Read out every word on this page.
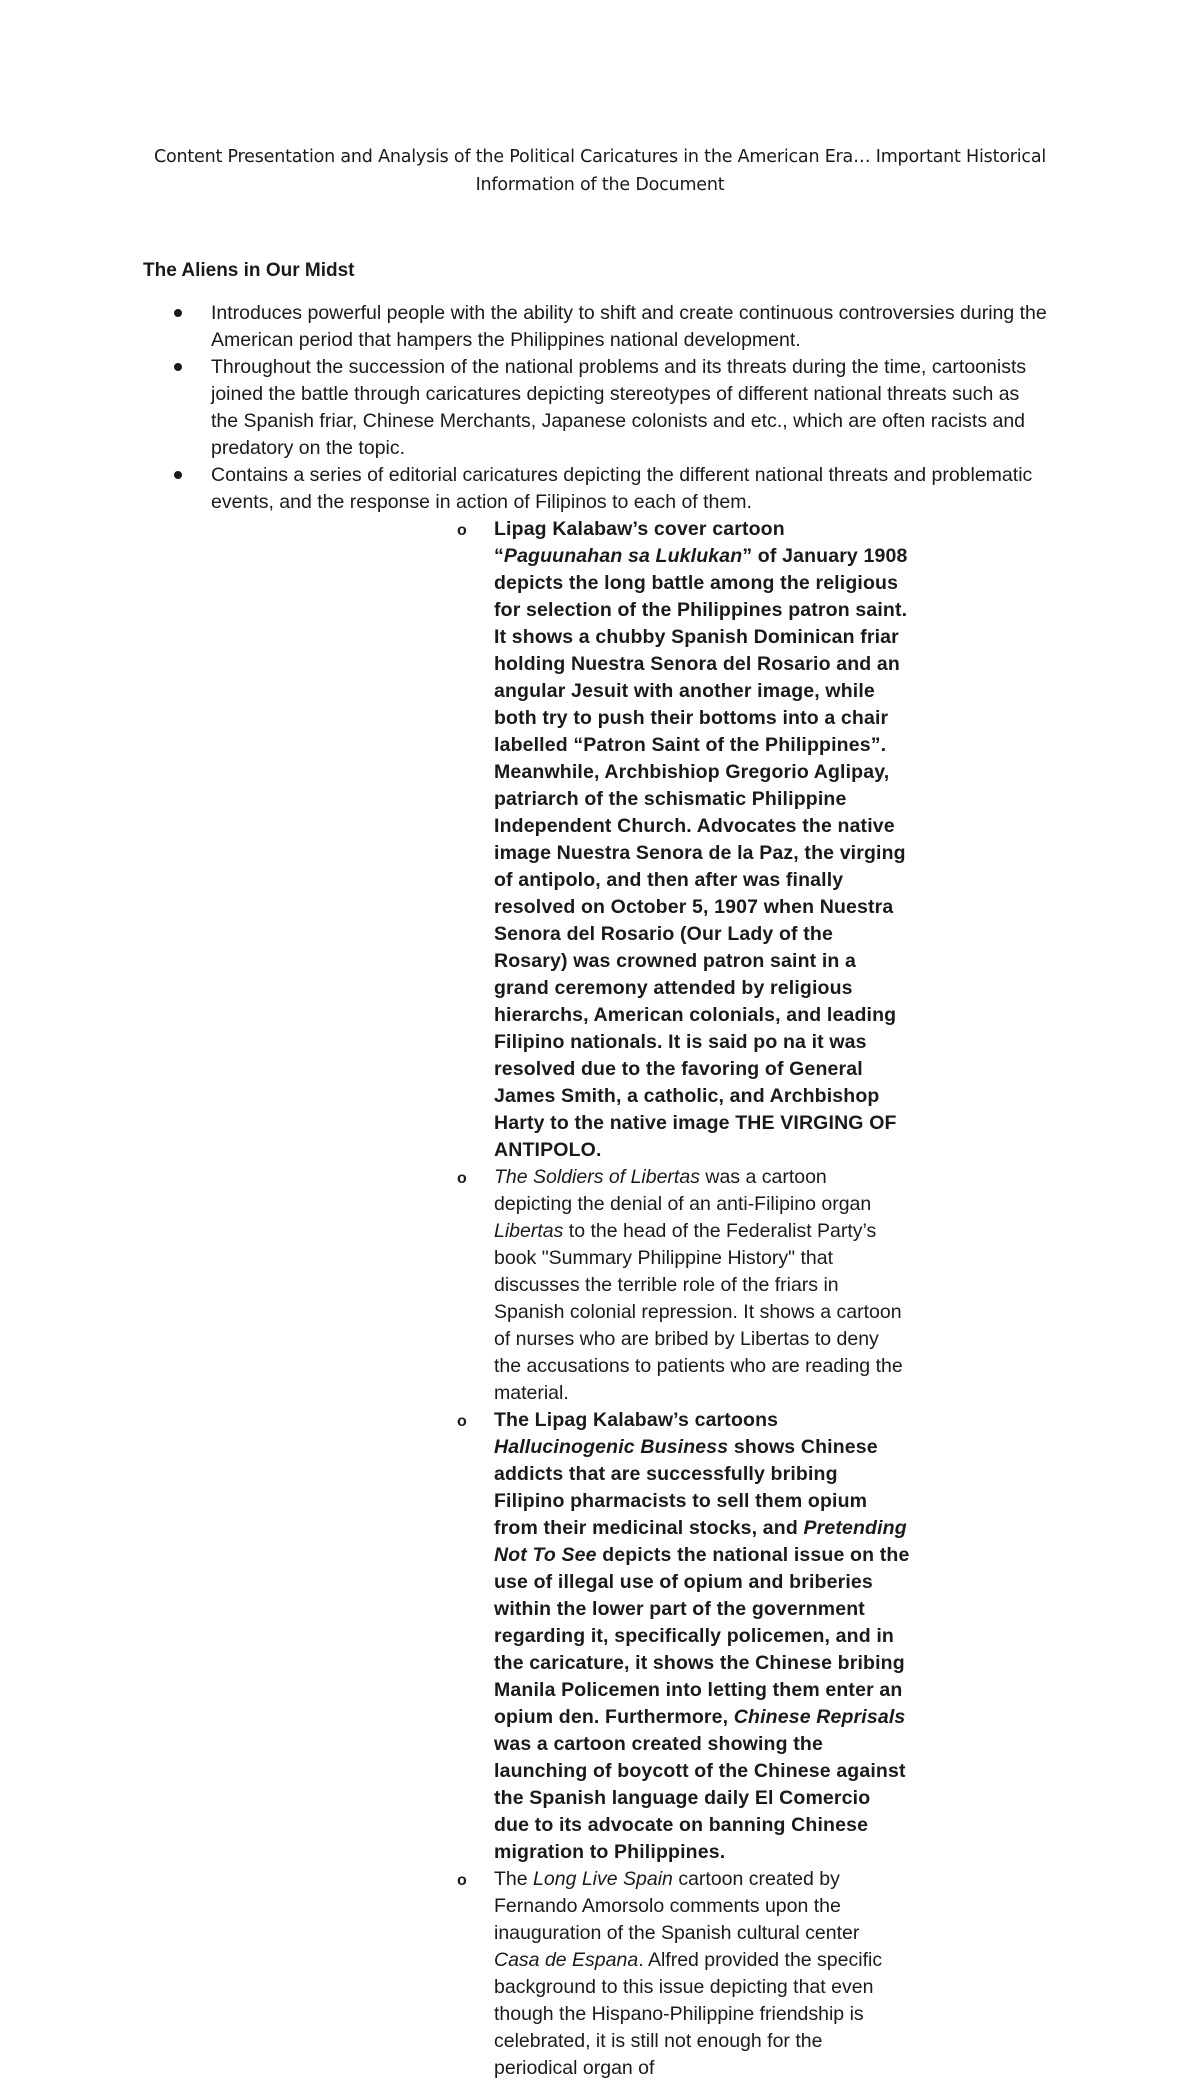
Content Presentation and Analysis of the Political Caricatures in the American Era… Important Historical Information of the Document
The Aliens in Our Midst
Introduces powerful people with the ability to shift and create continuous controversies during the American period that hampers the Philippines national development.
Throughout the succession of the national problems and its threats during the time, cartoonists joined the battle through caricatures depicting stereotypes of different national threats such as the Spanish friar, Chinese Merchants, Japanese colonists and etc., which are often racists and predatory on the topic.
Contains a series of editorial caricatures depicting the different national threats and problematic events, and the response in action of Filipinos to each of them.
o Lipag Kalabaw’s cover cartoon “Paguunahan sa Luklukan” of January 1908 depicts the long battle among the religious for selection of the Philippines patron saint. It shows a chubby Spanish Dominican friar holding Nuestra Senora del Rosario and an angular Jesuit with another image, while both try to push their bottoms into a chair labelled “Patron Saint of the Philippines”. Meanwhile, Archbishiop Gregorio Aglipay, patriarch of the schismatic Philippine Independent Church. Advocates the native image Nuestra Senora de la Paz, the virging of antipolo, and then after was finally resolved on October 5, 1907 when Nuestra Senora del Rosario (Our Lady of the Rosary) was crowned patron saint in a grand ceremony attended by religious hierarchs, American colonials, and leading Filipino nationals. It is said po na it was resolved due to the favoring of General James Smith, a catholic, and Archbishop Harty to the native image THE VIRGING OF ANTIPOLO.
o The Soldiers of Libertas was a cartoon depicting the denial of an anti-Filipino organ Libertas to the head of the Federalist Party’s book "Summary Philippine History" that discusses the terrible role of the friars in Spanish colonial repression. It shows a cartoon of nurses who are bribed by Libertas to deny the accusations to patients who are reading the material.
o The Lipag Kalabaw’s cartoons Hallucinogenic Business shows Chinese addicts that are successfully bribing Filipino pharmacists to sell them opium from their medicinal stocks, and Pretending Not To See depicts the national issue on the use of illegal use of opium and briberies within the lower part of the government regarding it, specifically policemen, and in the caricature, it shows the Chinese bribing Manila Policemen into letting them enter an opium den. Furthermore, Chinese Reprisals was a cartoon created showing the launching of boycott of the Chinese against the Spanish language daily El Comercio due to its advocate on banning Chinese migration to Philippines.
o The Long Live Spain cartoon created by Fernando Amorsolo comments upon the inauguration of the Spanish cultural center Casa de Espana. Alfred provided the specific background to this issue depicting that even though the Hispano-Philippine friendship is celebrated, it is still not enough for the periodical organ of
